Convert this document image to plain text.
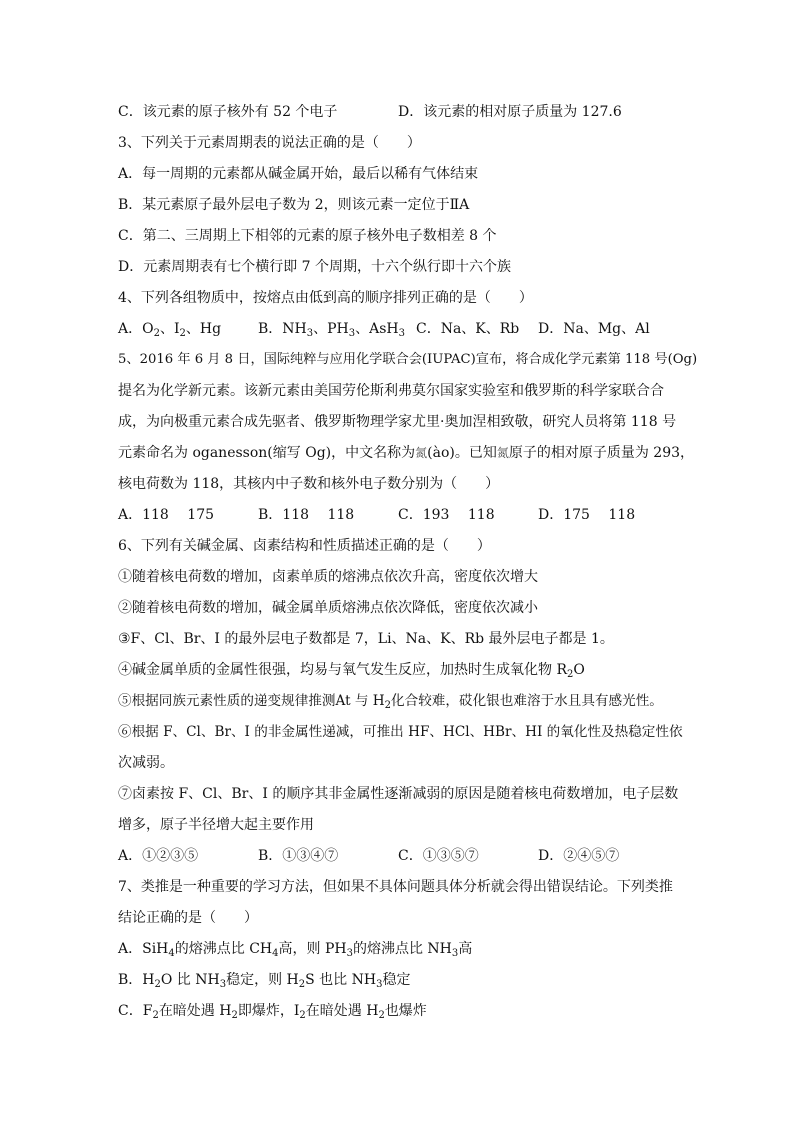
C．该元素的原子核外有 52 个电子	D．该元素的相对原子质量为 127.6
3、下列关于元素周期表的说法正确的是（　　）
A．每一周期的元素都从碱金属开始，最后以稀有气体结束
B．某元素原子最外层电子数为 2，则该元素一定位于ⅡA
C．第二、三周期上下相邻的元素的原子核外电子数相差 8 个
D．元素周期表有七个横行即 7 个周期，十六个纵行即十六个族
4、下列各组物质中，按熔点由低到高的顺序排列正确的是（　　）
A．$O_2$、$I_2$、Hg	B．$NH_3$、$PH_3$、AsH$_3$ C．Na、K、Rb D．Na、Mg、Al
5、2016 年 6 月 8 日，国际纯粹与应用化学联合会(IUPAC)宣布，将合成化学元素第 118 号(Og)
提名为化学新元素。该新元素由美国劳伦斯利弗莫尔国家实验室和俄罗斯的科学家联合合
成，为向极重元素合成先驱者、俄罗斯物理学家尤里·奥加涅相致敬，研究人员将第 118 号
元素命名为 oganesson(缩写 Og)，中文名称为氮(ào)。已知氮原子的相对原子质量为 293，
核电荷数为 118，其核内中子数和核外电子数分别为（　　）
A．118　 175	B．118　 118	C．193　 118	D．175　 118
6、下列有关碱金属、卤素结构和性质描述正确的是（　　）
①随着核电荷数的增加，卤素单质的熔沸点依次升高，密度依次增大
②随着核电荷数的增加，碱金属单质熔沸点依次降低，密度依次减小
③F、Cl、Br、I 的最外层电子数都是 7，Li、Na、K、Rb 最外层电子都是 1。
④碱金属单质的金属性很强，均易与氧气发生反应，加热时生成氧化物 $R_2O$
⑤根据同族元素性质的递变规律推测At 与 $H_2$化合较难，砹化银也难溶于水且具有感光性。
⑥根据 F、Cl、Br、I 的非金属性递减，可推出 HF、HCl、HBr、HI 的氧化性及热稳定性依
次减弱。
⑦卤素按 F、Cl、Br、I 的顺序其非金属性逐渐减弱的原因是随着核电荷数增加，电子层数
增多，原子半径增大起主要作用
A．①②③⑤	B．①③④⑦	C．①③⑤⑦	D．②④⑤⑦
7、类推是一种重要的学习方法，但如果不具体问题具体分析就会得出错误结论。下列类推
结论正确的是（　　）
A．SiH$_4$的熔沸点比 $CH_4$高，则 $PH_3$的熔沸点比 $NH_3$高
B．$H_2O$ 比 $NH_3$稳定，则 $H_2S$ 也比 $NH_3$稳定
C．$F_2$在暗处遇 $H_2$即爆炸，$I_2$在暗处遇 $H_2$也爆炸
